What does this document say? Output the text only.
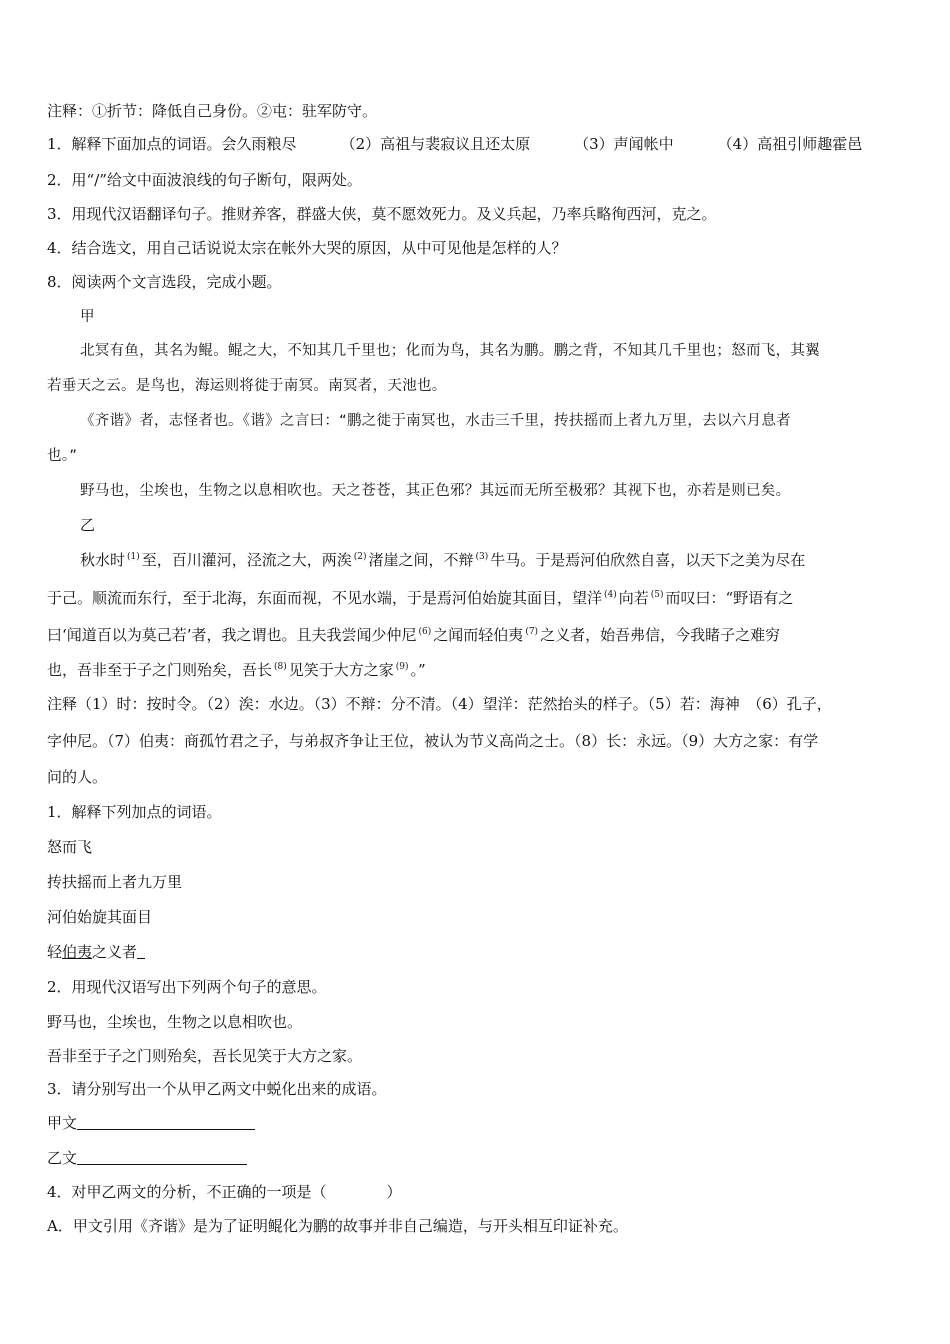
注释：①折节：降低自己身份。②屯：驻军防守。
1．解释下面加点的词语。会久雨粮尽	（2）高祖与裴寂议且还太原	（3）声闻帐中	（4）高祖引师趣霍邑
2．用“/”给文中面波浪线的句子断句，限两处。
3．用现代汉语翻译句子。推财养客，群盛大侠，莫不愿效死力。及义兵起，乃率兵略徇西河，克之。
4．结合选文，用自己话说说太宗在帐外大哭的原因，从中可见他是怎样的人？
8．阅读两个文言选段，完成小题。
甲
北冥有鱼，其名为鲲。鲲之大，不知其几千里也；化而为鸟，其名为鹏。鹏之背，不知其几千里也；怒而飞，其翼
若垂天之云。是鸟也，海运则将徙于南冥。南冥者，天池也。
《齐谐》者，志怪者也。《谐》之言曰：“鹏之徙于南冥也，水击三千里，抟扶摇而上者九万里，去以六月息者
也。”
野马也，尘埃也，生物之以息相吹也。天之苍苍，其正色邪？其远而无所至极邪？其视下也，亦若是则已矣。
乙
秋水时 $^{(1)}$ 至，百川灌河，泾流之大，两涘 $^{(2)}$ 渚崖之间，不辩 $^{(3)}$ 牛马。于是焉河伯欣然自喜，以天下之美为尽在
于己。顺流而东行，至于北海，东面而视，不见水端，于是焉河伯始旋其面目，望洋 $^{(4)}$ 向若 $^{(5)}$ 而叹曰：“野语有之
曰‘闻道百以为莫己若’者，我之谓也。且夫我尝闻少仲尼 $^{(6)}$ 之闻而轻伯夷 $^{(7)}$ 之义者，始吾弗信，今我睹子之难穷
也，吾非至于子之门则殆矣，吾长 $^{(8)}$ 见笑于大方之家 $^{(9)}$ 。”
注释（1）时：按时令。（2）涘：水边。（3）不辩：分不清。（4）望洋：茫然抬头的样子。（5）若：海神　（6）孔子，
字仲尼。（7）伯夷：商孤竹君之子，与弟叔齐争让王位，被认为节义高尚之士。（8）长：永远。（9）大方之家：有学
问的人。
1．解释下列加点的词语。
怒而飞
抟扶摇而上者九万里
河伯始旋其面目
轻伯夷之义者
2．用现代汉语写出下列两个句子的意思。
野马也，尘埃也，生物之以息相吹也。
吾非至于子之门则殆矣，吾长见笑于大方之家。
3．请分别写出一个从甲乙两文中蜕化出来的成语。
甲文
乙文
4．对甲乙两文的分析，不正确的一项是（　　　　）
A．甲文引用《齐谐》是为了证明鲲化为鹏的故事并非自己编造，与开头相互印证补充。
